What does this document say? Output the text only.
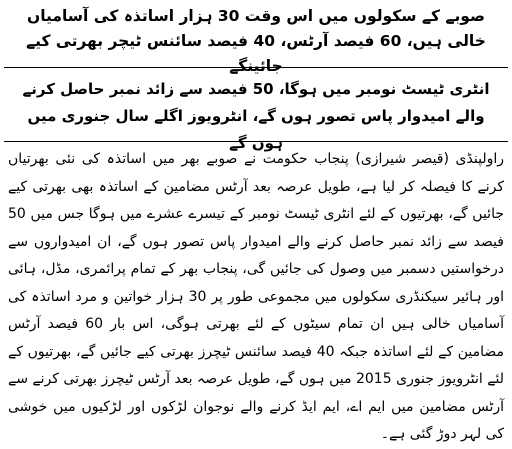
صوبے کے سکولوں میں اس وقت 30 ہزار اساتذہ کی آسامیاں خالی ہیں، 60 فیصد آرٹس، 40 فیصد سائنس ٹیچر بھرتی کیے جائینگے
انٹری ٹیسٹ نومبر میں ہوگا، 50 فیصد سے زائد نمبر حاصل کرنے والے امیدوار پاس تصور ہوں گے، انٹرویوز اگلے سال جنوری میں ہوں گے

راولپنڈی (قیصر شیرازی) پنجاب حکومت نے صوبے بھر میں اساتذہ کی نئی بھرتیاں کرنے کا فیصلہ کر لیا ہے، طویل عرصہ بعد آرٹس مضامین کے اساتذہ بھی بھرتی کیے جائیں گے، بھرتیوں کے لئے انٹری ٹیسٹ نومبر کے تیسرے عشرے میں ہوگا جس میں 50 فیصد سے زائد نمبر حاصل کرنے والے امیدوار پاس تصور ہوں گے، ان امیدواروں سے درخواستیں دسمبر میں وصول کی جائیں گی، پنجاب بھر کے تمام پرائمری، مڈل، ہائی اور ہائیر سیکنڈری سکولوں میں مجموعی طور پر 30 ہزار خواتین و مرد اساتذہ کی آسامیاں خالی ہیں ان تمام سیٹوں کے لئے بھرتی ہوگی، اس بار 60 فیصد آرٹس مضامین کے لئے اساتذہ جبکہ 40 فیصد سائنس ٹیچرز بھرتی کیے جائیں گے، بھرتیوں کے لئے انٹرویوز جنوری 2015 میں ہوں گے، طویل عرصہ بعد آرٹس ٹیچرز بھرتی کرنے سے آرٹس مضامین میں ایم اے، ایم ایڈ کرنے والے نوجوان لڑکوں اور لڑکیوں میں خوشی کی لہر دوڑ گئی ہے۔
